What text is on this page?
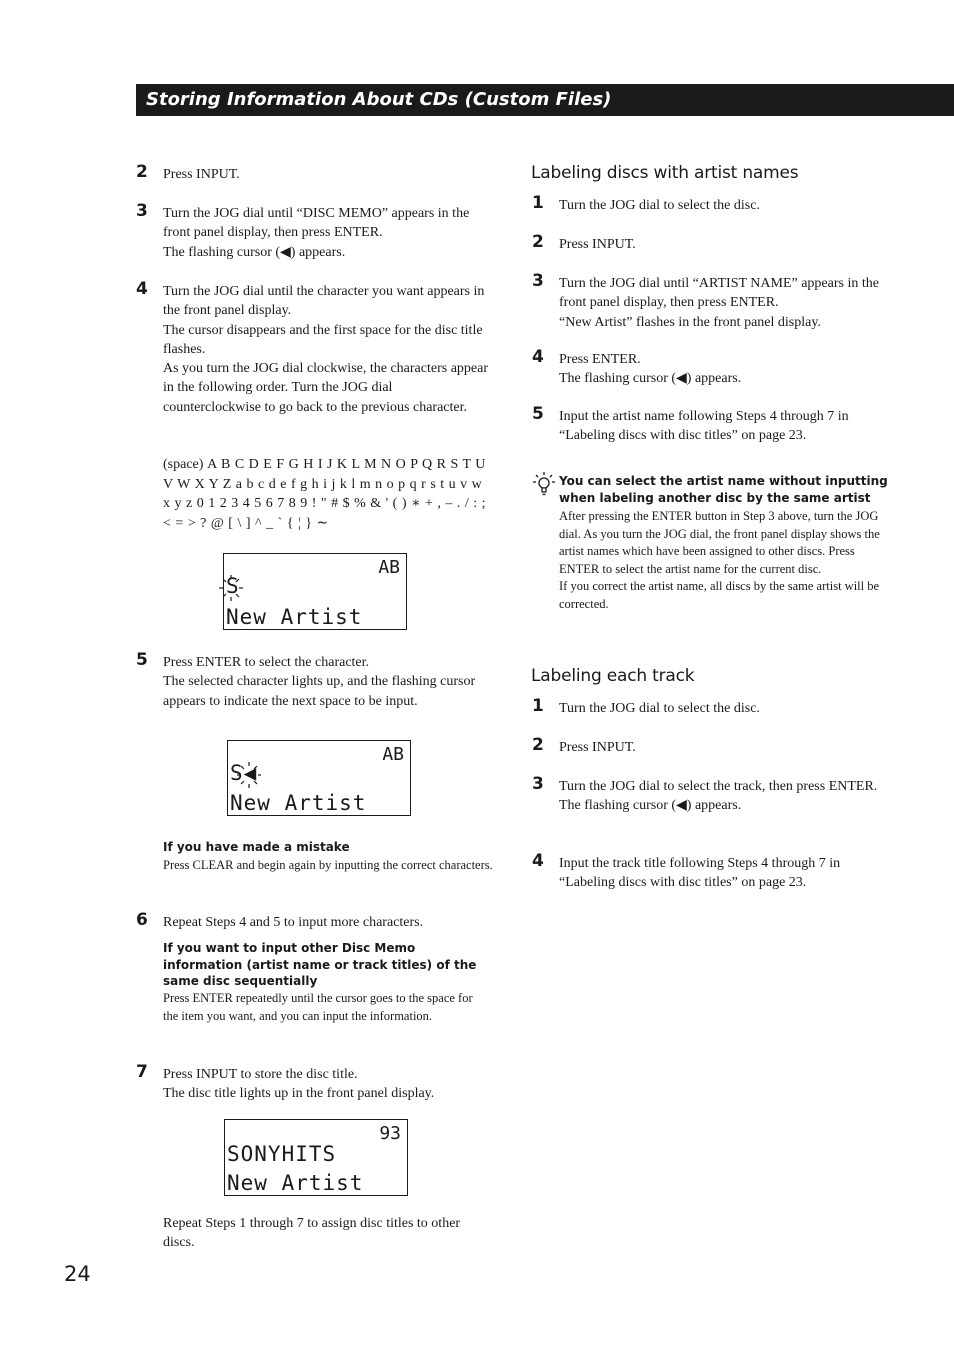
Storing Information About CDs (Custom Files)
2 Press INPUT.

3 Turn the JOG dial until “DISC MEMO” appears in the front panel display, then press ENTER.

The flashing cursor (◀) appears.

4 Turn the JOG dial until the character you want appears in the front panel display.

The cursor disappears and the first space for the disc title flashes.

As you turn the JOG dial clockwise, the characters appear in the following order. Turn the JOG dial counterclockwise to go back to the previous character.

(space) A B C D E F G H I J K L M N O P Q R S T U V W X Y Z a b c d e f g h i j k l m n o p q r s t u v w x y z 0 1 2 3 4 5 6 7 8 9 ! " # $ % & ' ( ) ∗ + , – . / : ; < = > ? @ [ \ ] ^ _ ` { ¦ } ∼
AB
S
New Artist
5 Press ENTER to select the character.

The selected character lights up, and the flashing cursor appears to indicate the next space to be input.

AB
S◀
New Artist
If you have made a mistake
Press CLEAR and begin again by inputting the correct characters.
6 Repeat Steps 4 and 5 to input more characters.

If you want to input other Disc Memo information (artist name or track titles) of the same disc sequentially
Press ENTER repeatedly until the cursor goes to the space for the item you want, and you can input the information.
7 Press INPUT to store the disc title.

The disc title lights up in the front panel display.

93
SONYHITS
New Artist

Repeat Steps 1 through 7 to assign disc titles to other discs.

Labeling discs with artist names
1 Turn the JOG dial to select the disc.

2 Press INPUT.

3 Turn the JOG dial until “ARTIST NAME” appears in the front panel display, then press ENTER.

“New Artist” flashes in the front panel display.

4 Press ENTER.

The flashing cursor (◀) appears.

5 Input the artist name following Steps 4 through 7 in “Labeling discs with disc titles” on page 23.

You can select the artist name without inputting when labeling another disc by the same artist
After pressing the ENTER button in Step 3 above, turn the JOG dial. As you turn the JOG dial, the front panel display shows the artist names which have been assigned to other discs. Press ENTER to select the artist name for the current disc.
If you correct the artist name, all discs by the same artist will be corrected.
Labeling each track
1 Turn the JOG dial to select the disc.

2 Press INPUT.

3 Turn the JOG dial to select the track, then press ENTER.

The flashing cursor (◀) appears.

4 Input the track title following Steps 4 through 7 in “Labeling discs with disc titles” on page 23.

24
